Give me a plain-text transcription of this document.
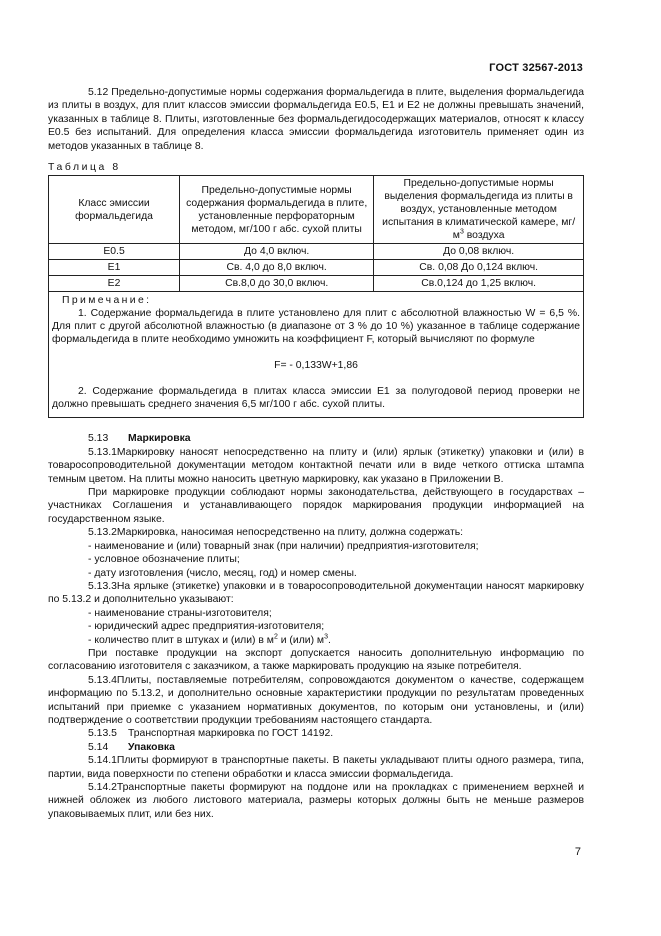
ГОСТ 32567-2013

5.12 Предельно-допустимые нормы содержания формальдегида в плите, выделения формальдегида из плиты в воздух, для плит классов эмиссии формальдегида Е0.5, Е1 и Е2 не должны превышать значений, указанных в таблице 8. Плиты, изготовленные без формальдегидосодержащих материалов, относят к классу Е0.5 без испытаний. Для определения класса эмиссии формальдегида изготовитель применяет один из методов указанных в таблице 8.

Таблица 8
Класс эмиссии формальдегида	Предельно-допустимые нормы содержания формальдегида в плите, установленные перфораторным методом, мг/100 г абс. сухой плиты	Предельно-допустимые нормы выделения формальдегида из плиты в воздух, установленные методом испытания в климатической камере, $мг/м^3$ воздуха
Е0.5	До 4,0 включ.	До 0,08 включ.
Е1	Св. 4,0 до 8,0 включ.	Св. 0,08 До 0,124 включ.
Е2	Св.8,0 до 30,0 включ.	Св.0,124 до 1,25 включ.

Примечание:

1. Содержание формальдегида в плите установлено для плит с абсолютной влажностью W = 6,5 %. Для плит с другой абсолютной влажностью (в диапазоне от 3 % до 10 %) указанное в таблице содержание формальдегида в плите необходимо умножить на коэффициент F, который вычисляют по формуле

F= - 0,133W+1,86

2. Содержание формальдегида в плитах класса эмиссии Е1 за полугодовой период проверки не должно превышать среднего значения 6,5 мг/100 г абс. сухой плиты.		

5.13 Маркировка

5.13.1Маркировку наносят непосредственно на плиту и (или) ярлык (этикетку) упаковки и (или) в товаросопроводительной документации методом контактной печати или в виде четкого оттиска штампа темным цветом. На плиты можно наносить цветную маркировку, как указано в Приложении В.

При маркировке продукции соблюдают нормы законодательства, действующего в государствах – участниках Соглашения и устанавливающего порядок маркирования продукции информацией на государственном языке.

5.13.2Маркировка, наносимая непосредственно на плиту, должна содержать:

- наименование и (или) товарный знак (при наличии) предприятия-изготовителя;
- условное обозначение плиты;
- дату изготовления (число, месяц, год) и номер смены.

5.13.3На ярлыке (этикетке) упаковки и в товаросопроводительной документации наносят маркировку по 5.13.2 и дополнительно указывают:

- наименование страны-изготовителя;
- юридический адрес предприятия-изготовителя;
- количество плит в штуках и (или) в $м^2$ и (или) $м^3$.

При поставке продукции на экспорт допускается наносить дополнительную информацию по согласованию изготовителя с заказчиком, а также маркировать продукцию на языке потребителя.

5.13.4Плиты, поставляемые потребителям, сопровождаются документом о качестве, содержащем информацию по 5.13.2, и дополнительно основные характеристики продукции по результатам проведенных испытаний при приемке с указанием нормативных документов, по которым они установлены, и (или) подтверждение о соответствии продукции требованиям настоящего стандарта.

5.13.5 Транспортная маркировка по ГОСТ 14192.
5.14 Упаковка

5.14.1Плиты формируют в транспортные пакеты. В пакеты укладывают плиты одного размера, типа, партии, вида поверхности по степени обработки и класса эмиссии формальдегида.

5.14.2Транспортные пакеты формируют на поддоне или на прокладках с применением верхней и нижней обложек из любого листового материала, размеры которых должны быть не меньше размеров упаковываемых плит, или без них.

7
